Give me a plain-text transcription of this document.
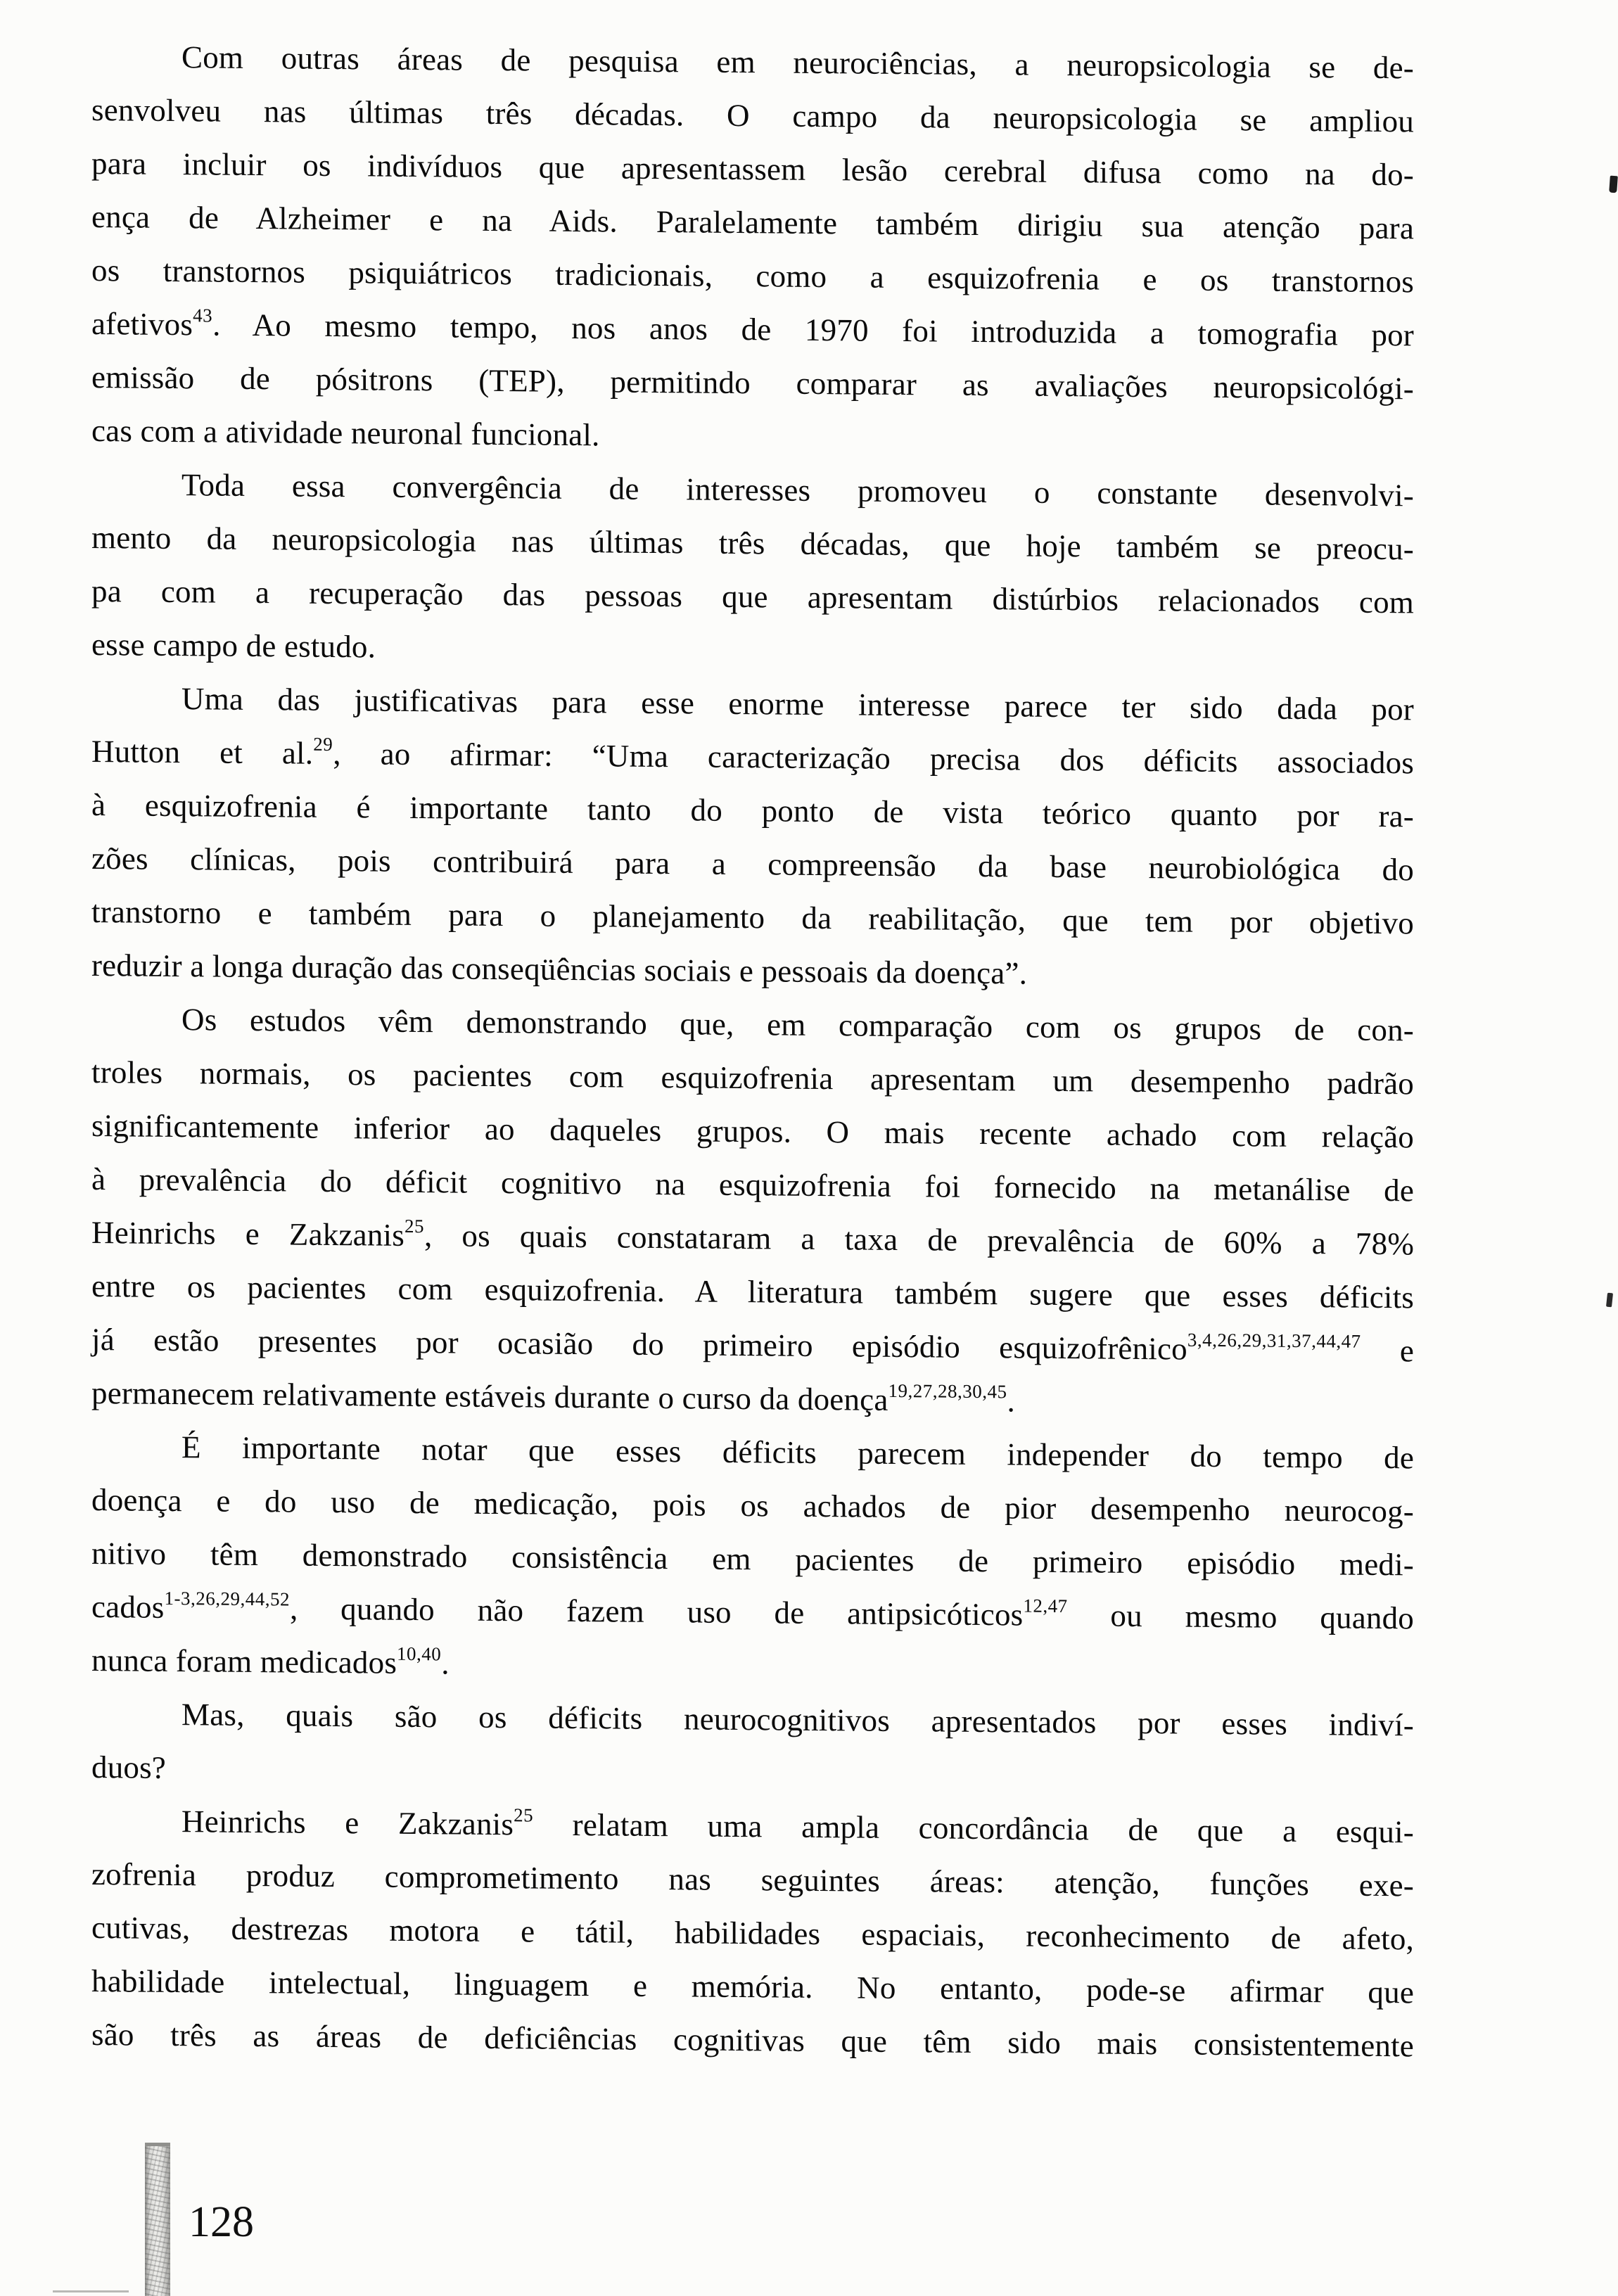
Com outras áreas de pesquisa em neurociências, a neuropsicologia se de-
senvolveu nas últimas três décadas. O campo da neuropsicologia se ampliou
para incluir os indivíduos que apresentassem lesão cerebral difusa como na do-
ença de Alzheimer e na Aids. Paralelamente também dirigiu sua atenção para
os transtornos psiquiátricos tradicionais, como a esquizofrenia e os transtornos
afetivos$^{43}$. Ao mesmo tempo, nos anos de 1970 foi introduzida a tomografia por
emissão de pósitrons (TEP), permitindo comparar as avaliações neuropsicológi-
cas com a atividade neuronal funcional.
Toda essa convergência de interesses promoveu o constante desenvolvi-
mento da neuropsicologia nas últimas três décadas, que hoje também se preocu-
pa com a recuperação das pessoas que apresentam distúrbios relacionados com
esse campo de estudo.
Uma das justificativas para esse enorme interesse parece ter sido dada por
Hutton et al.$^{29}$, ao afirmar: “Uma caracterização precisa dos déficits associados
à esquizofrenia é importante tanto do ponto de vista teórico quanto por ra-
zões clínicas, pois contribuirá para a compreensão da base neurobiológica do
transtorno e também para o planejamento da reabilitação, que tem por objetivo
reduzir a longa duração das conseqüências sociais e pessoais da doença”.
Os estudos vêm demonstrando que, em comparação com os grupos de con-
troles normais, os pacientes com esquizofrenia apresentam um desempenho padrão
significantemente inferior ao daqueles grupos. O mais recente achado com relação
à prevalência do déficit cognitivo na esquizofrenia foi fornecido na metanálise de
Heinrichs e Zakzanis$^{25}$, os quais constataram a taxa de prevalência de 60% a 78%
entre os pacientes com esquizofrenia. A literatura também sugere que esses déficits
já estão presentes por ocasião do primeiro episódio esquizofrênico$^{3,4,26,29,31,37,44,47}$ e
permanecem relativamente estáveis durante o curso da doença$^{19,27,28,30,45}$.
É importante notar que esses déficits parecem independer do tempo de
doença e do uso de medicação, pois os achados de pior desempenho neurocog-
nitivo têm demonstrado consistência em pacientes de primeiro episódio medi-
cados$^{1-3,26,29,44,52}$, quando não fazem uso de antipsicóticos$^{12,47}$ ou mesmo quando
nunca foram medicados$^{10,40}$.
Mas, quais são os déficits neurocognitivos apresentados por esses indiví-
duos?
Heinrichs e Zakzanis$^{25}$ relatam uma ampla concordância de que a esqui-
zofrenia produz comprometimento nas seguintes áreas: atenção, funções exe-
cutivas, destrezas motora e tátil, habilidades espaciais, reconhecimento de afeto,
habilidade intelectual, linguagem e memória. No entanto, pode-se afirmar que
são três as áreas de deficiências cognitivas que têm sido mais consistentemente
128
